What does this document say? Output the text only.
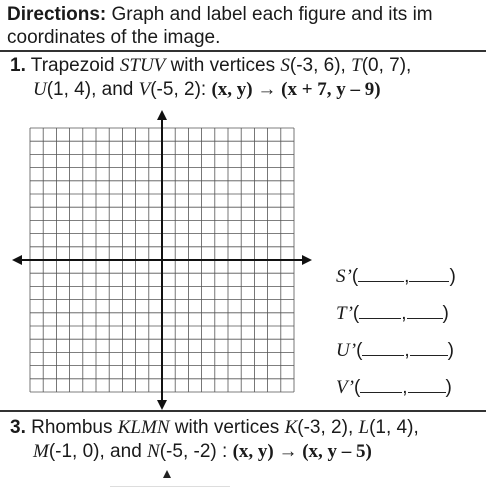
Directions: Graph and label each figure and its im
coordinates of the image.
1. Trapezoid STUV with vertices S(-3, 6), T(0, 7),
U(1, 4), and V(-5, 2): (x, y) → (x + 7, y – 9)
S’( , )
T’( , )
U’( , )
V’( , )
3. Rhombus KLMN with vertices K(-3, 2), L(1, 4),
M(-1, 0), and N(-5, -2) : (x, y) → (x, y – 5)
